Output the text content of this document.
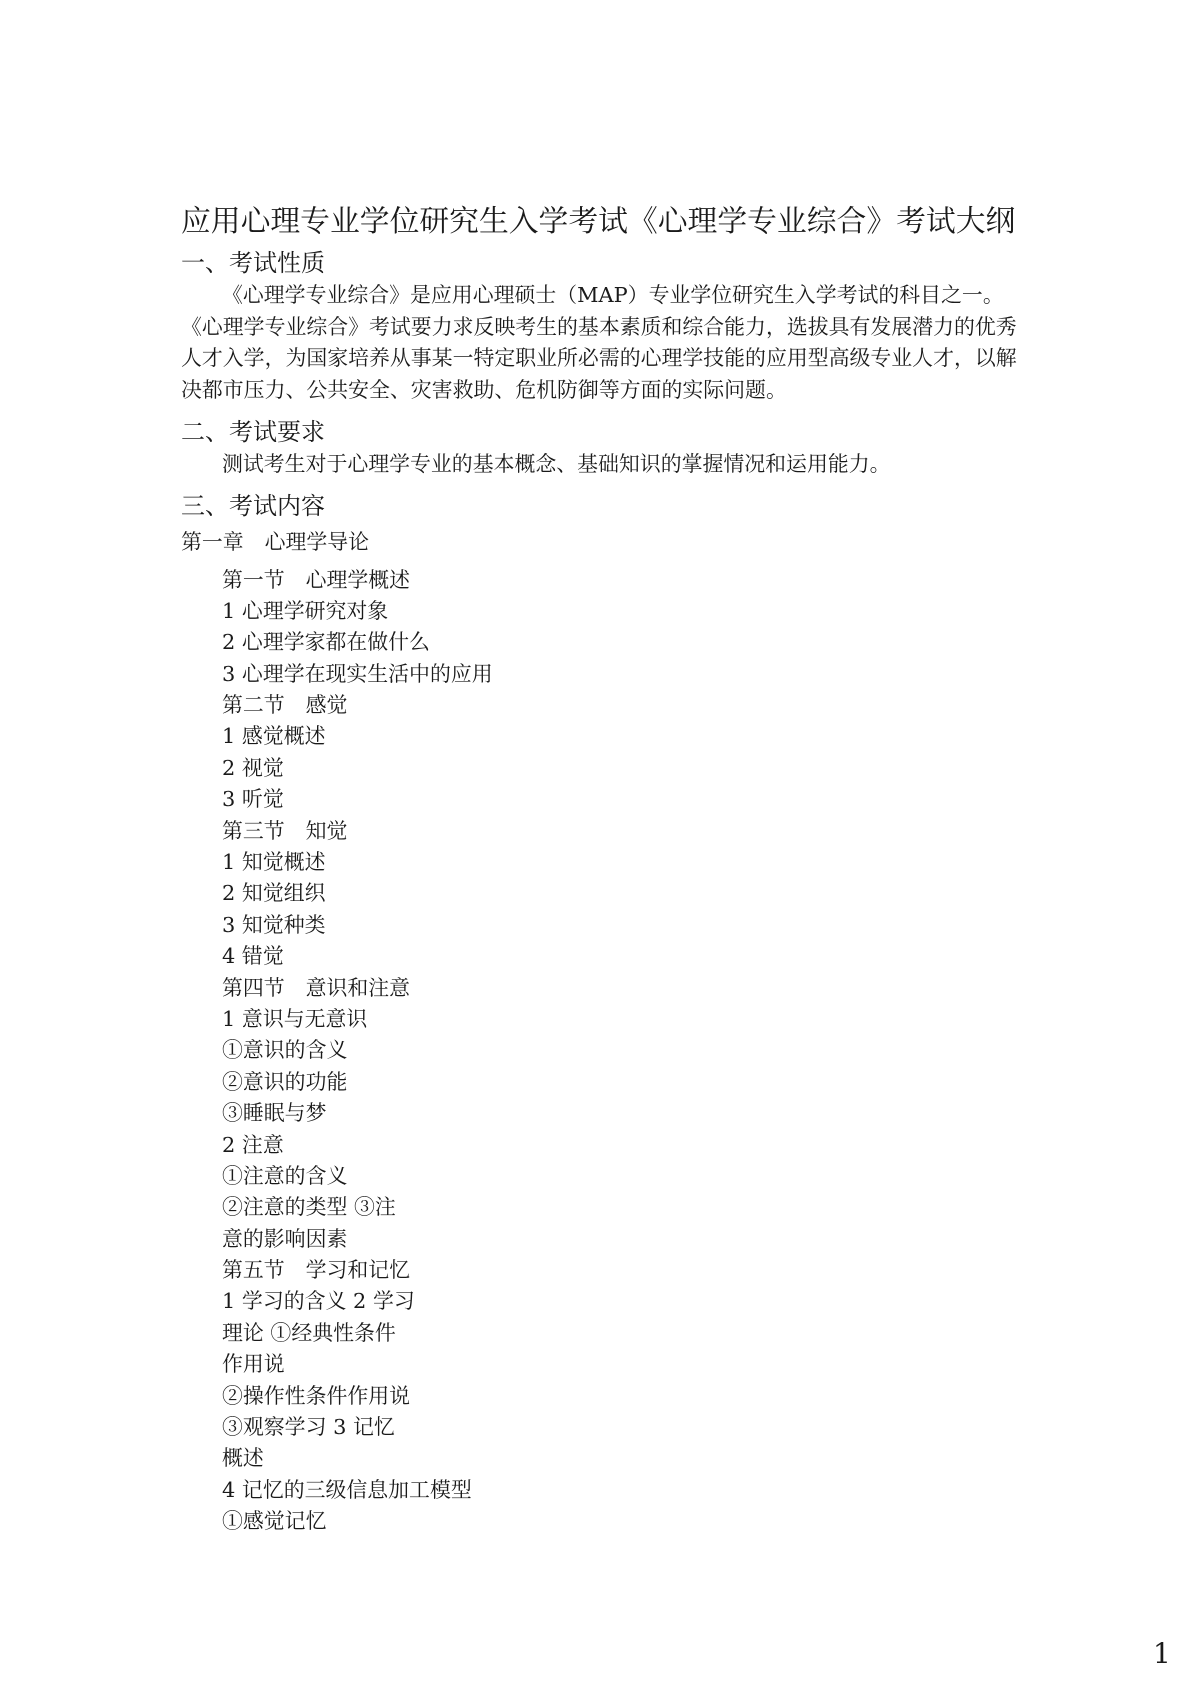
应用心理专业学位研究生入学考试《心理学专业综合》考试大纲
一、考试性质
《心理学专业综合》是应用心理硕士（MAP）专业学位研究生入学考试的科目之一。
《心理学专业综合》考试要力求反映考生的基本素质和综合能力，选拔具有发展潜力的优秀
人才入学，为国家培养从事某一特定职业所必需的心理学技能的应用型高级专业人才，以解
决都市压力、公共安全、灾害救助、危机防御等方面的实际问题。
二、考试要求
测试考生对于心理学专业的基本概念、基础知识的掌握情况和运用能力。
三、考试内容
第一章　心理学导论
第一节　心理学概述
1 心理学研究对象
2 心理学家都在做什么
3 心理学在现实生活中的应用
第二节　感觉
1 感觉概述
2 视觉
3 听觉
第三节　知觉
1 知觉概述
2 知觉组织
3 知觉种类
4 错觉
第四节　意识和注意
1 意识与无意识
①意识的含义
②意识的功能
③睡眠与梦
2 注意
①注意的含义
②注意的类型 ③注
意的影响因素
第五节　学习和记忆
1 学习的含义 2 学习
理论 ①经典性条件
作用说
②操作性条件作用说
③观察学习 3 记忆
概述
4 记忆的三级信息加工模型
①感觉记忆
1
